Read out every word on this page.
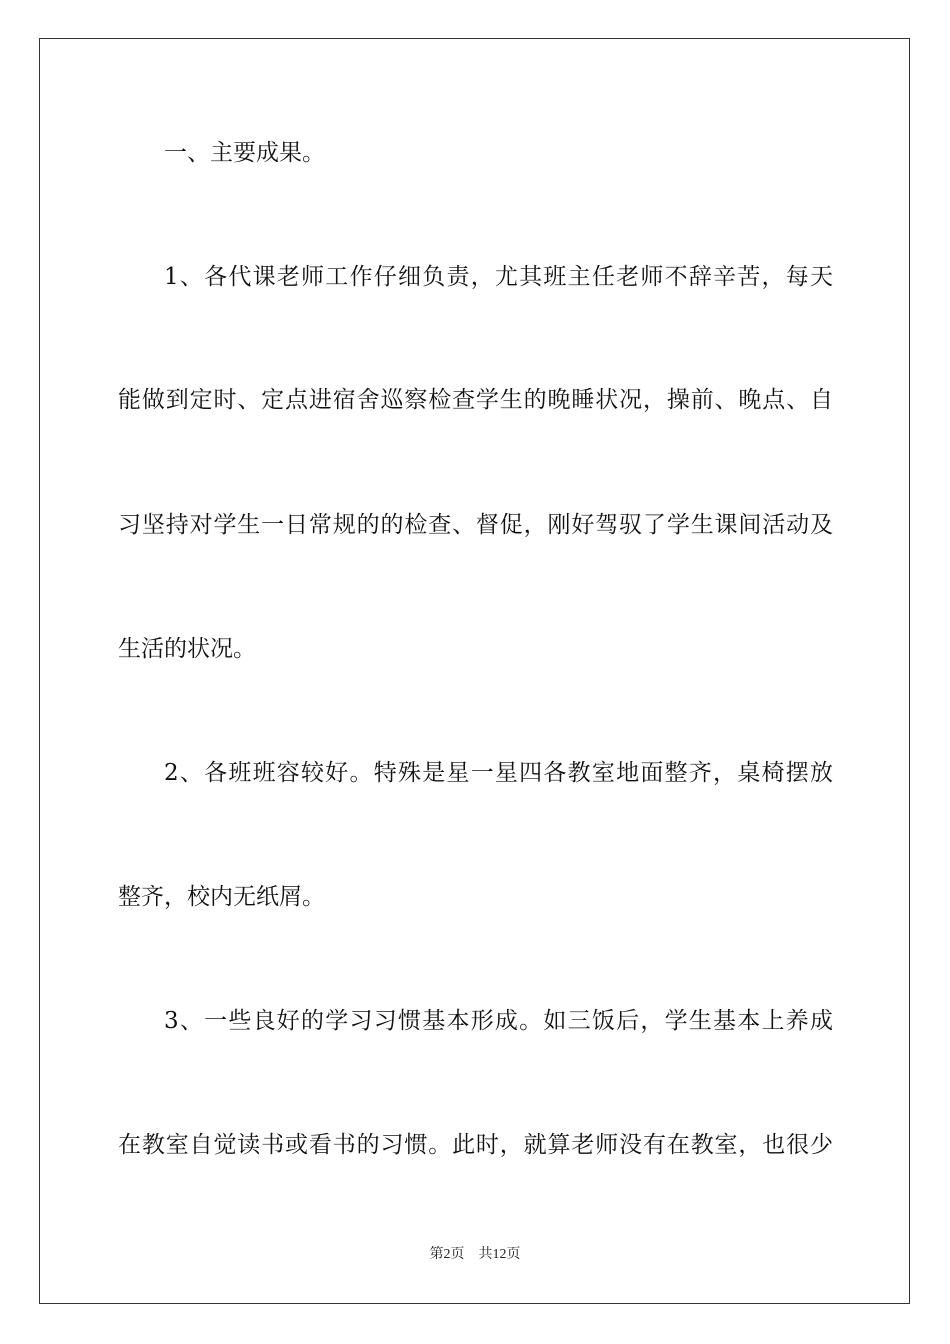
一、主要成果。
1、各代课老师工作仔细负责，尤其班主任老师不辞辛苦，每天
能做到定时、定点进宿舍巡察检查学生的晚睡状况，操前、晚点、自
习坚持对学生一日常规的的检查、督促，刚好驾驭了学生课间活动及
生活的状况。
2、各班班容较好。特殊是星一星四各教室地面整齐，桌椅摆放
整齐，校内无纸屑。
3、一些良好的学习习惯基本形成。如三饭后，学生基本上养成
在教室自觉读书或看书的习惯。此时，就算老师没有在教室，也很少
第2页 共12页
